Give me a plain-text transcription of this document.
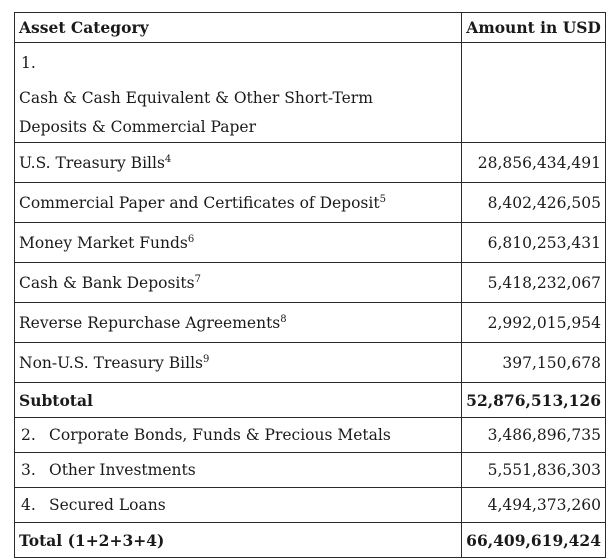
Asset Category	Amount in USD
1.Cash & Cash Equivalent & Other Short-Term Deposits & Commercial Paper	
U.S. Treasury Bills$^4$	28,856,434,491
Commercial Paper and Certificates of Deposit$^5$	8,402,426,505
Money Market Funds$^6$	6,810,253,431
Cash & Bank Deposits$^7$	5,418,232,067
Reverse Repurchase Agreements$^8$	2,992,015,954
Non-U.S. Treasury Bills$^9$	397,150,678
Subtotal	52,876,513,126
2. Corporate Bonds, Funds & Precious Metals	3,486,896,735
3. Other Investments	5,551,836,303
4. Secured Loans	4,494,373,260
Total (1+2+3+4)	66,409,619,424
